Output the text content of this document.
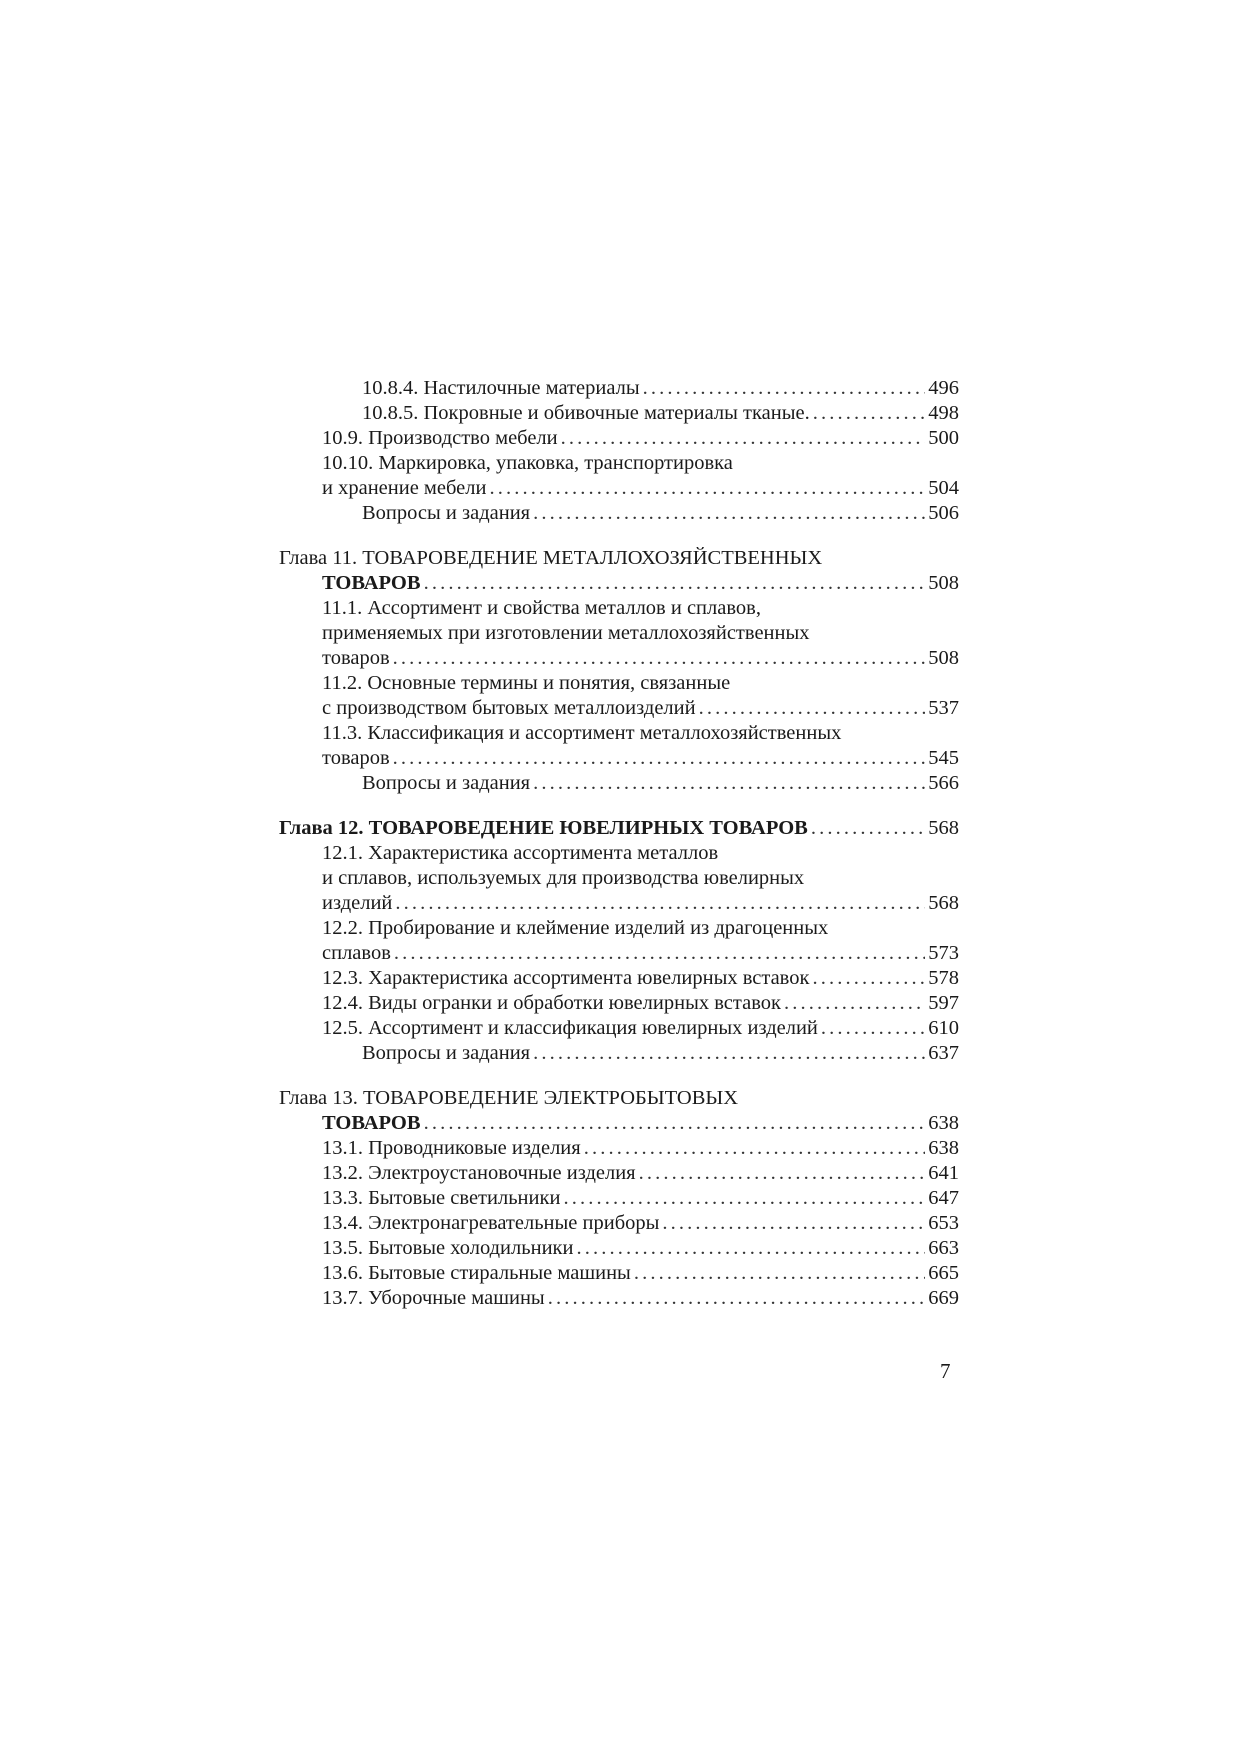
10.8.4. Настилочные материалы . . .	496
10.8.5. Покровные и обивочные материалы тканые. . . .	498
10.9. Производство мебели . . .	500
10.10. Маркировка, упаковка, транспортировка
и хранение мебели . . .	504
Вопросы и задания . . .	506
Глава 11. ТОВАРОВЕДЕНИЕ МЕТАЛЛОХОЗЯЙСТВЕННЫХ
ТОВАРОВ . . .	508
11.1. Ассортимент и свойства металлов и сплавов,
применяемых при изготовлении металлохозяйственных
товаров . . .	508
11.2. Основные термины и понятия, связанные
с производством бытовых металлоизделий . . .	537
11.3. Классификация и ассортимент металлохозяйственных
товаров . . .	545
Вопросы и задания . . .	566
Глава 12. ТОВАРОВЕДЕНИЕ ЮВЕЛИРНЫХ ТОВАРОВ . . .	568
12.1. Характеристика ассортимента металлов
и сплавов, используемых для производства ювелирных
изделий . . .	568
12.2. Пробирование и клеймение изделий из драгоценных
сплавов . . .	573
12.3. Характеристика ассортимента ювелирных вставок . . .	578
12.4. Виды огранки и обработки ювелирных вставок . . .	597
12.5. Ассортимент и классификация ювелирных изделий . . .	610
Вопросы и задания . . .	637
Глава 13. ТОВАРОВЕДЕНИЕ ЭЛЕКТРОБЫТОВЫХ
ТОВАРОВ . . .	638
13.1. Проводниковые изделия . . .	638
13.2. Электроустановочные изделия . . .	641
13.3. Бытовые светильники . . .	647
13.4. Электронагревательные приборы . . .	653
13.5. Бытовые холодильники . . .	663
13.6. Бытовые стиральные машины . . .	665
13.7. Уборочные машины . . .	669
7
